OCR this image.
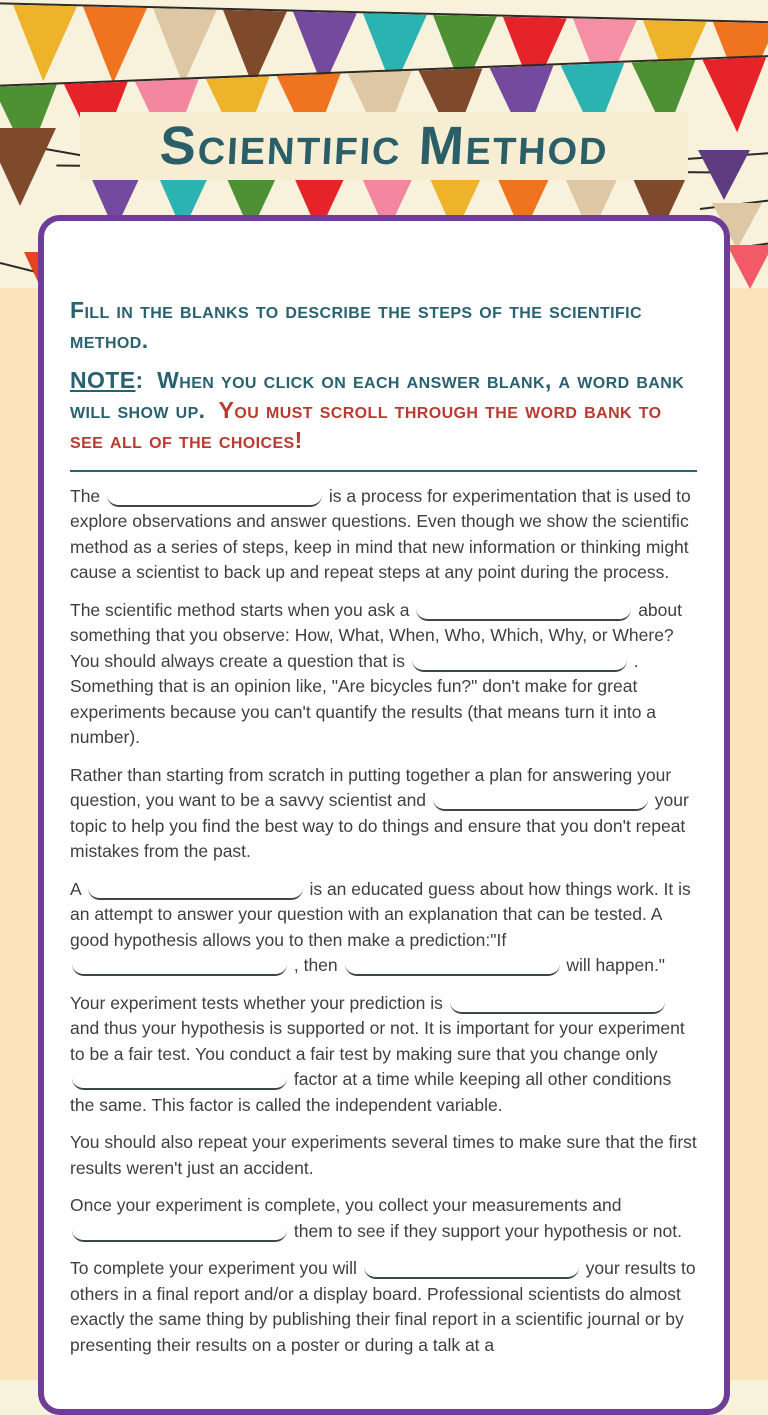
Scientific Method
Fill in the blanks to describe the steps of the scientific method.
NOTE:  When you click on each answer blank, a word bank will show up.  You must scroll through the word bank to see all of the choices!

The	is a process for experimentation that is used to explore observations and answer questions. Even though we show the scientific method as a series of steps, keep in mind that new information or thinking might cause a scientist to back up and repeat steps at any point during the process.

The scientific method starts when you ask a	about something that you observe: How, What, When, Who, Which, Why, or Where? You should always create a question that is	. Something that is an opinion like, "Are bicycles fun?" don't make for great experiments because you can't quantify the results (that means turn it into a number).

Rather than starting from scratch in putting together a plan for answering your question, you want to be a savvy scientist and	your topic to help you find the best way to do things and ensure that you don't repeat mistakes from the past.

A	is an educated guess about how things work. It is an attempt to answer your question with an explanation that can be tested. A good hypothesis allows you to then make a prediction:"If  , then	will happen."

Your experiment tests whether your prediction is  and thus your hypothesis is supported or not. It is important for your experiment to be a fair test. You conduct a fair test by making sure that you change only  factor at a time while keeping all other conditions the same. This factor is called the independent variable.

You should also repeat your experiments several times to make sure that the first results weren't just an accident.

Once your experiment is complete, you collect your measurements and  them to see if they support your hypothesis or not.

To complete your experiment you will	your results to others in a final report and/or a display board. Professional scientists do almost exactly the same thing by publishing their final report in a scientific journal or by presenting their results on a poster or during a talk at a
